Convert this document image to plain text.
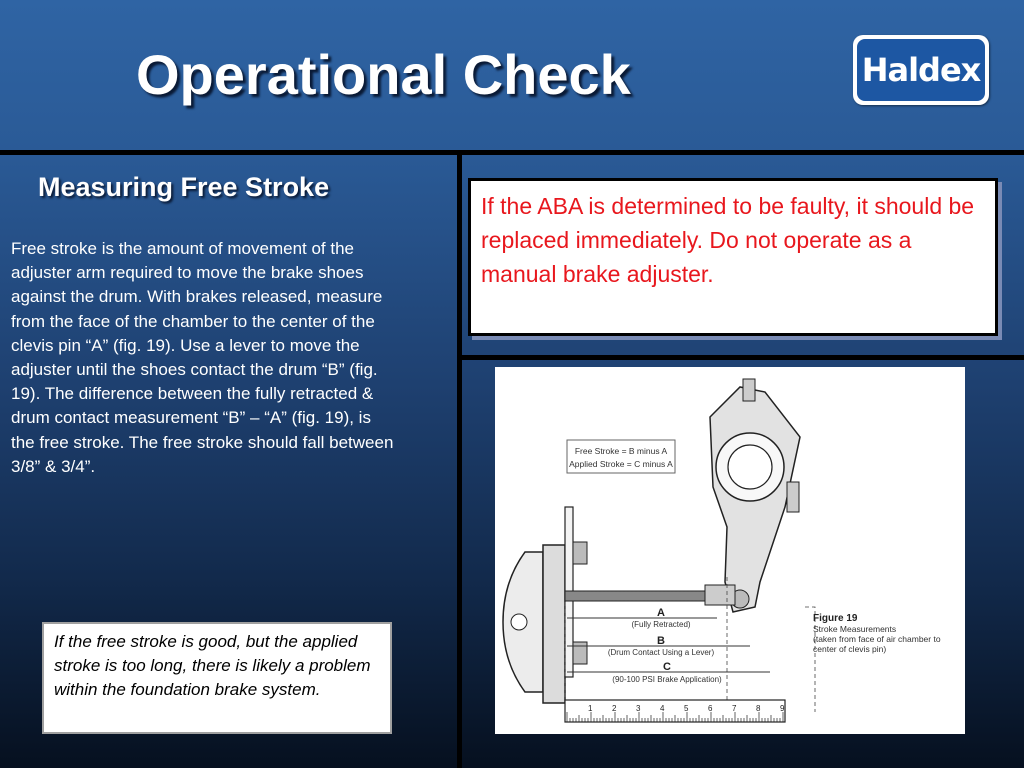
Operational Check	Haldex
Measuring Free Stroke
Free stroke is the amount of movement of the adjuster arm required to move the brake shoes against the drum. With brakes released, measure from the face of the chamber to the center of the clevis pin “A” (fig. 19). Use a lever to move the adjuster until the shoes contact the drum “B” (fig. 19). The difference between the fully retracted & drum contact measurement “B” – “A” (fig. 19), is the free stroke. The free stroke should fall between 3/8” & 3/4”.
If the free stroke is good, but the applied stroke is too long, there is likely a problem within the foundation brake system.
If the ABA is determined to be faulty, it should be replaced immediately. Do not operate as a manual brake adjuster.
Free Stroke = B minus A
Applied Stroke = C minus A
A
(Fully Retracted)
B
(Drum Contact Using a Lever)
C
(90-100 PSI Brake Application)
Figure 19
Stroke Measurements
(taken from face of air chamber to
center of clevis pin)
1 2 3 4 5 6 7 8 9
